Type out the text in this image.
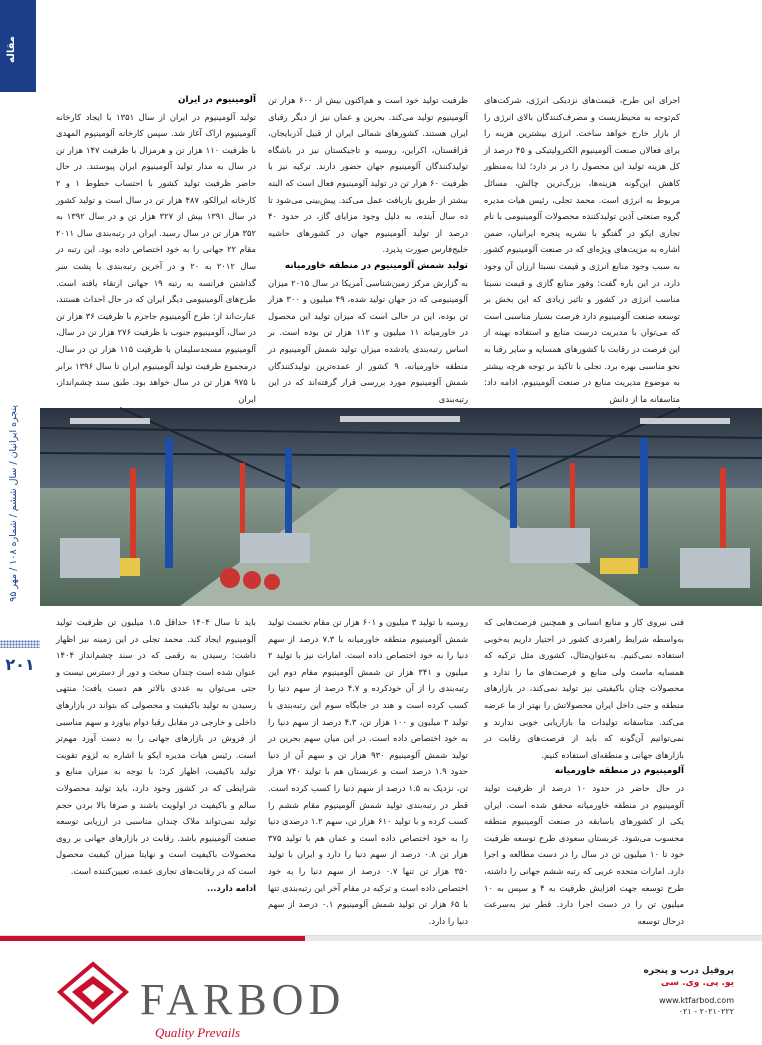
مقاله
پنجره ایرانیان / سال ششم / شماره ۱۰۸ / مهر ۹۵
۲۰۱

اجرای این طرح، قیمت‌های نزدیکی انرژی، شرکت‌های کم‌توجه به محیط‌زیست و مصرف‌کنندگان بالای انرژی را از بازار خارج خواهد ساخت. انرژی بیشترین هزینه را برای فعالان صنعت آلومینیوم الکترولیتیکی و ۴۵ درصد از کل هزینه تولید این محصول را در بر دارد؛ لذا به‌منظور کاهش این‌گونه هزینه‌ها، بزرگ‌ترین چالش، مسائل مربوط به انرژی است. محمد تجلی، رئیس هیات مدیره گروه صنعتی آذین تولیدکننده محصولات آلومینیومی با نام تجاری ایکو در گفتگو با نشریه پنجره ایرانیان، ضمن اشاره به مزیت‌های ویژه‌ای که در صنعت آلومینیوم کشور به سبب وجود منابع انرژی و قیمت نسبتا ارزان آن وجود دارد، در این باره گفت: وفور منابع گازی و قیمت نسبتا مناسب انرژی در کشور و تاثیر زیادی که این بخش بر توسعه صنعت آلومینیوم دارد فرصت بسیار مناسبی است که می‌توان با مدیریت درست منابع و استفاده بهینه از این فرصت در رقابت با کشورهای همسایه و سایر رقبا به نحو مناسبی بهره برد. تجلی با تاکید بر توجه هرچه بیشتر به موضوع مدیریت منابع در صنعت آلومینیوم، ادامه داد: متاسفانه ما از دانش

ظرفیت تولید خود است و هم‌اکنون بیش از ۶۰۰ هزار تن آلومینیوم تولید می‌کند. بحرین و عمان نیز از دیگر رقبای ایران هستند. کشورهای شمالی ایران از قبیل آذربایجان، قزاقستان، اکراین، روسیه و تاجیکستان نیز در باشگاه تولیدکنندگان آلومینیوم جهان حضور دارند. ترکیه نیز با ظرفیت ۶۰ هزار تن در تولید آلومینیوم فعال است که البته بیشتر از طریق بازیافت عمل می‌کند. پیش‌بینی می‌شود تا ده سال آینده، به دلیل وجود مزایای گاز، در حدود ۴۰ درصد از تولید آلومینیوم جهان در کشورهای حاشیه خلیج‌فارس صورت پذیرد.

تولید شمش آلومینیوم در منطقه خاورمیانه

به گزارش مرکز زمین‌شناسی آمریکا در سال ۲۰۱۵ میزان آلومینیومی که در جهان تولید شده، ۴۹ میلیون و ۳۰۰ هزار تن بوده، این در حالی است که میزان تولید این محصول در خاورمیانه ۱۱ میلیون و ۱۱۲ هزار تن بوده است. بر اساس رتبه‌بندی یادشده میزان تولید شمش آلومینیوم در منطقه خاورمیانه، ۹ کشور از عمده‌ترین تولیدکنندگان شمش آلومینیوم مورد بررسی قرار گرفته‌اند که در این رتبه‌بندی

آلومینیوم در ایران

تولید آلومینیوم در ایران از سال ۱۳۵۱ با ایجاد کارخانه آلومینیوم اراک آغاز شد. سپس کارخانه آلومینیوم المهدی با ظرفیت ۱۱۰ هزار تن و هرمزال با ظرفیت ۱۴۷ هزار تن در سال به مدار تولید آلومینیوم ایران پیوستند. در حال حاضر ظرفیت تولید کشور با احتساب خطوط ۱ و ۲ کارخانه ایرالکو، ۴۸۷ هزار تن در سال است و تولید کشور در سال ۱۳۹۱ بیش از ۳۲۷ هزار تن و در سال ۱۳۹۲ به ۳۵۲ هزار تن در سال رسید. ایران در رتبه‌بندی سال ۲۰۱۱ مقام ۲۲ جهانی را به خود اختصاص داده بود. این رتبه در سال ۲۰۱۲ به ۲۰ و در آخرین رتبه‌بندی با پشت سر گذاشتن فرانسه به رتبه ۱۹ جهانی ارتقاء یافته است. طرح‌های آلومینیومی دیگر ایران که در حال احداث هستند، عبارت‌اند از: طرح آلومینیوم جاجرم با ظرفیت ۳۶ هزار تن در سال، آلومینیوم جنوب با ظرفیت ۲۷۶ هزار تن در سال، آلومینیوم مسجدسلیمان با ظرفیت ۱۱۵ هزار تن در سال. درمجموع ظرفیت تولید آلومینیوم ایران تا سال ۱۳۹۶ برابر با ۹۷۵ هزار تن در سال خواهد بود. طبق سند چشم‌انداز، ایران

فنی نیروی کار و منابع انسانی و همچنین فرصت‌هایی که به‌واسطه شرایط راهبردی کشور در اختیار داریم به‌خوبی استفاده نمی‌کنیم. به‌عنوان‌مثال، کشوری مثل ترکیه که همسایه ماست ولی منابع و فرصت‌های ما را ندارد و محصولات چنان باکیفیتی نیز تولید نمی‌کند، در بازارهای منطقه و حتی داخل ایران محصولاتش را بهتر از ما عرضه می‌کند. متاسفانه تولیدات ما بازاریابی خوبی ندارند و نمی‌توانیم آن‌گونه که باید از فرصت‌های رقابت در بازارهای جهانی و منطقه‌ای استفاده کنیم.

آلومینیوم در منطقه خاورمیانه

در حال حاضر در حدود ۱۰ درصد از ظرفیت تولید آلومینیوم در منطقه خاورمیانه محقق شده است. ایران یکی از کشورهای باسابقه در صنعت آلومینیوم منطقه محسوب می‌شود. عربستان سعودی طرح توسعه ظرفیت خود تا ۱۰ میلیون تن در سال را در دست مطالعه و اجرا دارد. امارات متحده عربی که رتبه ششم جهانی را داشته، طرح توسعه جهت افزایش ظرفیت به ۴ و سپس به ۱۰ میلیون تن را در دست اجرا دارد. قطر نیز به‌سرعت درحال توسعه

روسیه با تولید ۳ میلیون و ۶۰۱ هزار تن مقام نخست تولید شمش آلومینیوم منطقه خاورمیانه با ۷.۳ درصد از سهم دنیا را به خود اختصاص داده است. امارات نیز با تولید ۲ میلیون و ۳۴۱ هزار تن شمش آلومینیوم مقام دوم این رتبه‌بندی را از آن خودکرده و ۴.۷ درصد از سهم دنیا را کسب کرده است و هند در جایگاه سوم این رتبه‌بندی با تولید ۲ میلیون و ۱۰۰ هزار تن، ۴.۳ درصد از سهم دنیا را به خود اختصاص داده است. در این میان سهم بحرین در تولید شمش آلومینیوم ۹۳۰ هزار تن و سهم آن از دنیا حدود ۱.۹ درصد است و عربستان هم با تولید ۷۴۰ هزار تن، نزدیک به ۱.۵ درصد از سهم دنیا را کسب کرده است. قطر در رتبه‌بندی تولید شمش آلومینیوم مقام ششم را کسب کرده و با تولید ۶۱۰ هزار تن، سهم ۱.۲ درصدی دنیا را به خود اختصاص داده است و عمان هم با تولید ۳۷۵ هزار تن ۰.۸ درصد از سهم دنیا را دارد و ایران با تولید ۳۵۰ هزار تن تنها ۰.۷ درصد از سهم دنیا را به خود اختصاص داده است و ترکیه در مقام آخر این رتبه‌بندی تنها با ۶۵ هزار تن تولید شمش آلومینیوم ۰.۱ درصد از سهم دنیا را دارد.

باید تا سال ۱۴۰۴ حداقل ۱.۵ میلیون تن ظرفیت تولید آلومینیوم ایجاد کند. محمد تجلی در این زمینه نیز اظهار داشت: رسیدن به رقمی که در سند چشم‌انداز ۱۴۰۴ عنوان شده است چندان سخت و دور از دسترس نیست و حتی می‌توان به عددی بالاتر هم دست یافت؛ منتهی رسیدن به تولید باکیفیت و محصولی که بتواند در بازارهای داخلی و خارجی در مقابل رقبا دوام بیاورد و سهم مناسبی از فروش در بازارهای جهانی را به دست آورد مهم‌تر است. رئیس هیات مدیره ایکو با اشاره به لزوم تقویت تولید باکیفیت، اظهار کرد: با توجه به میزان منابع و شرایطی که در کشور وجود دارد، باید تولید محصولات سالم و باکیفیت در اولویت باشند و صرفا بالا بردن حجم تولید نمی‌تواند ملاک چندان مناسبی در ارزیابی توسعه صنعت آلومینیوم باشد. رقابت در بازارهای جهانی بر روی محصولات باکیفیت است و نهایتا میزان کیفیت محصول است که در رقابت‌های تجاری عمده، تعیین‌کننده است.

ادامه دارد...

FARBOD
Quality Prevails
پروفیل درب و پنجره
یو. پی. وی. سی
www.ktfarbod.com
۰۲۱ - ۲۰۲۱۰۲۲۲
